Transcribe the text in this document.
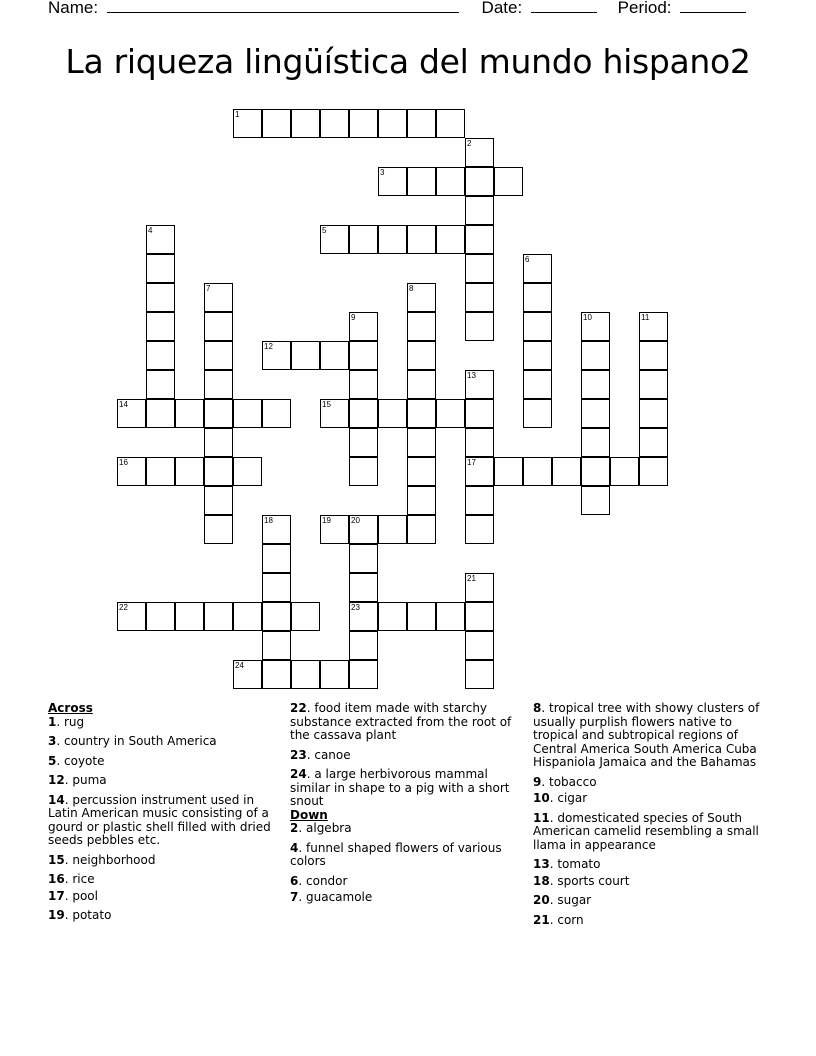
Name:	Date:	Period:
La riqueza lingüística del mundo hispano2
1
2
3
4	5
6
7	8
9	10	11
12
13
17
14	15
16
18	19	20
23
21
22
24
Across
1. rug
3. country in South America
5. coyote
12. puma
14. percussion instrument used in Latin American music consisting of a gourd or plastic shell filled with dried seeds pebbles etc.
15. neighborhood
16. rice
17. pool
19. potato
22. food item made with starchy substance extracted from the root of the cassava plant
23. canoe
24. a large herbivorous mammal similar in shape to a pig with a short snout
Down
2. algebra
4. funnel shaped flowers of various colors
6. condor
7. guacamole
8. tropical tree with showy clusters of usually purplish flowers native to tropical and subtropical regions of Central America South America Cuba Hispaniola Jamaica and the Bahamas
9. tobacco
10. cigar
11. domesticated species of South American camelid resembling a small llama in appearance
13. tomato
18. sports court
20. sugar
21. corn
